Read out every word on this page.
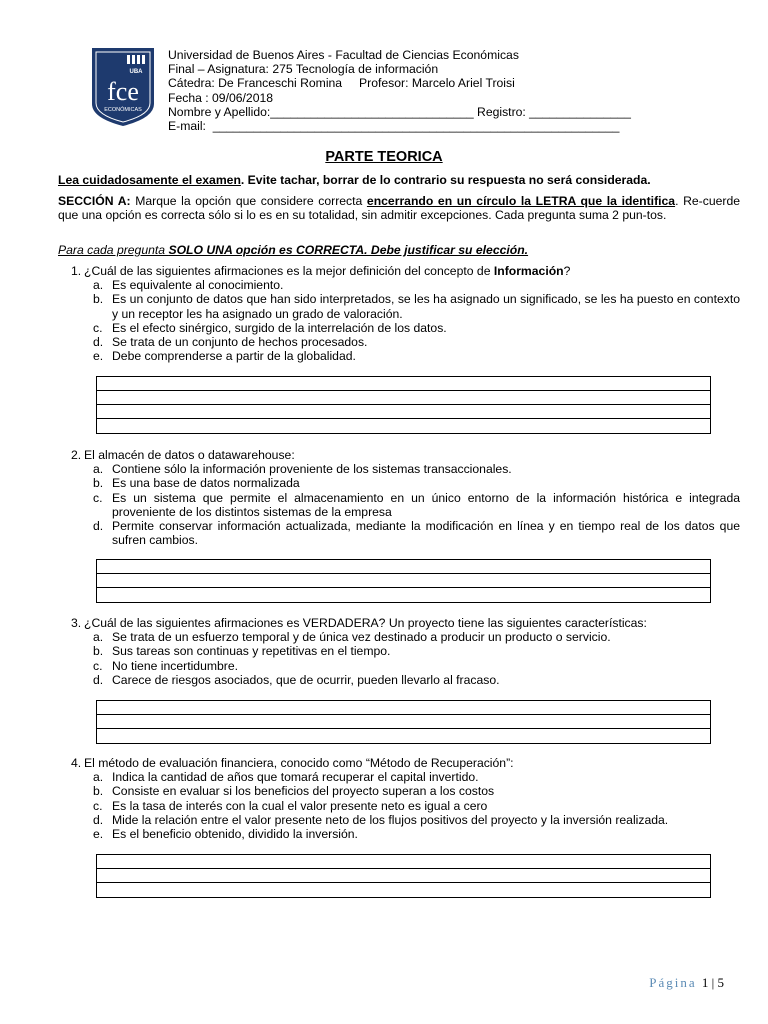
UBA
fce
ECONÓMICAS
Universidad de Buenos Aires - Facultad de Ciencias Económicas
Final – Asignatura: 275 Tecnología de información
Cátedra: De Franceschi Romina     Profesor: Marcelo Ariel Troisi
Fecha : 09/06/2018
Nombre y Apellido:______________________________ Registro: _______________
E-mail:  ____________________________________________________________
PARTE TEORICA
Lea cuidadosamente el examen. Evite tachar, borrar de lo contrario su respuesta no será considerada.
SECCIÓN A: Marque la opción que considere correcta encerrando en un círculo la LETRA que la identifica. Re-cuerde que una opción es correcta sólo si lo es en su totalidad, sin admitir excepciones. Cada pregunta suma 2 pun-tos.
Para cada pregunta SOLO UNA opción es CORRECTA. Debe justificar su elección.
1. ¿Cuál de las siguientes afirmaciones es la mejor definición del concepto de Información?
a. Es equivalente al conocimiento.
b. Es un conjunto de datos que han sido interpretados, se les ha asignado un significado, se les ha puesto en contexto y un receptor les ha asignado un grado de valoración.
c. Es el efecto sinérgico, surgido de la interrelación de los datos.
d. Se trata de un conjunto de hechos procesados.
e. Debe comprenderse a partir de la globalidad.
2. El almacén de datos o datawarehouse:
a. Contiene sólo la información proveniente de los sistemas transaccionales.
b. Es una base de datos normalizada
c. Es un sistema que permite el almacenamiento en un único entorno de la información histórica e integrada proveniente de los distintos sistemas de la empresa
d. Permite conservar información actualizada, mediante la modificación en línea y en tiempo real de los datos que sufren cambios.
3. ¿Cuál de las siguientes afirmaciones es VERDADERA? Un proyecto tiene las siguientes características:
a. Se trata de un esfuerzo temporal y de única vez destinado a producir un producto o servicio.
b. Sus tareas son continuas y repetitivas en el tiempo.
c. No tiene incertidumbre.
d. Carece de riesgos asociados, que de ocurrir, pueden llevarlo al fracaso.
4. El método de evaluación financiera, conocido como “Método de Recuperación”:
a. Indica la cantidad de años que tomará recuperar el capital invertido.
b. Consiste en evaluar si los beneficios del proyecto superan a los costos
c. Es la tasa de interés con la cual el valor presente neto es igual a cero
d. Mide la relación entre el valor presente neto de los flujos positivos del proyecto y la inversión realizada.
e. Es el beneficio obtenido, dividido la inversión.
Página 1 | 5
